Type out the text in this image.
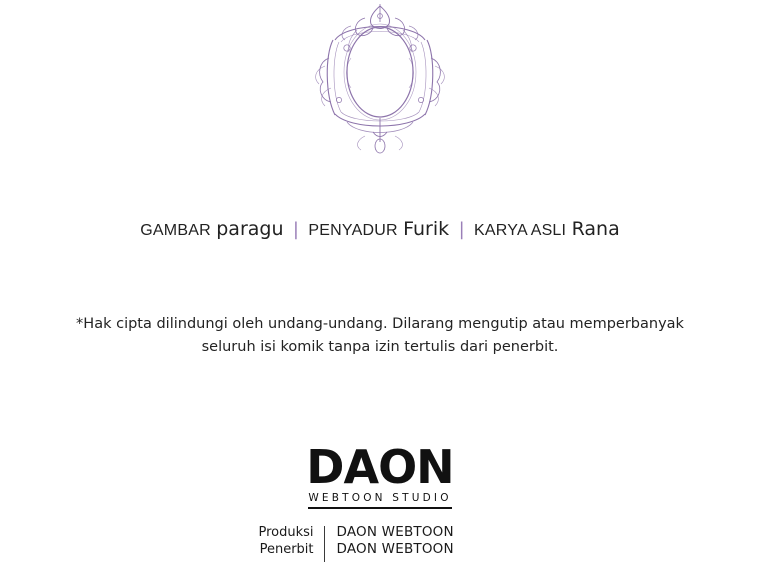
GAMBAR paragu | PENYADUR Furik | KARYA ASLI Rana
*Hak cipta dilindungi oleh undang-undang. Dilarang mengutip atau memperbanyak
seluruh isi komik tanpa izin tertulis dari penerbit.
DAON
WEBTOON STUDIO
Produksi
Penerbit
DAON WEBTOON
DAON WEBTOON
